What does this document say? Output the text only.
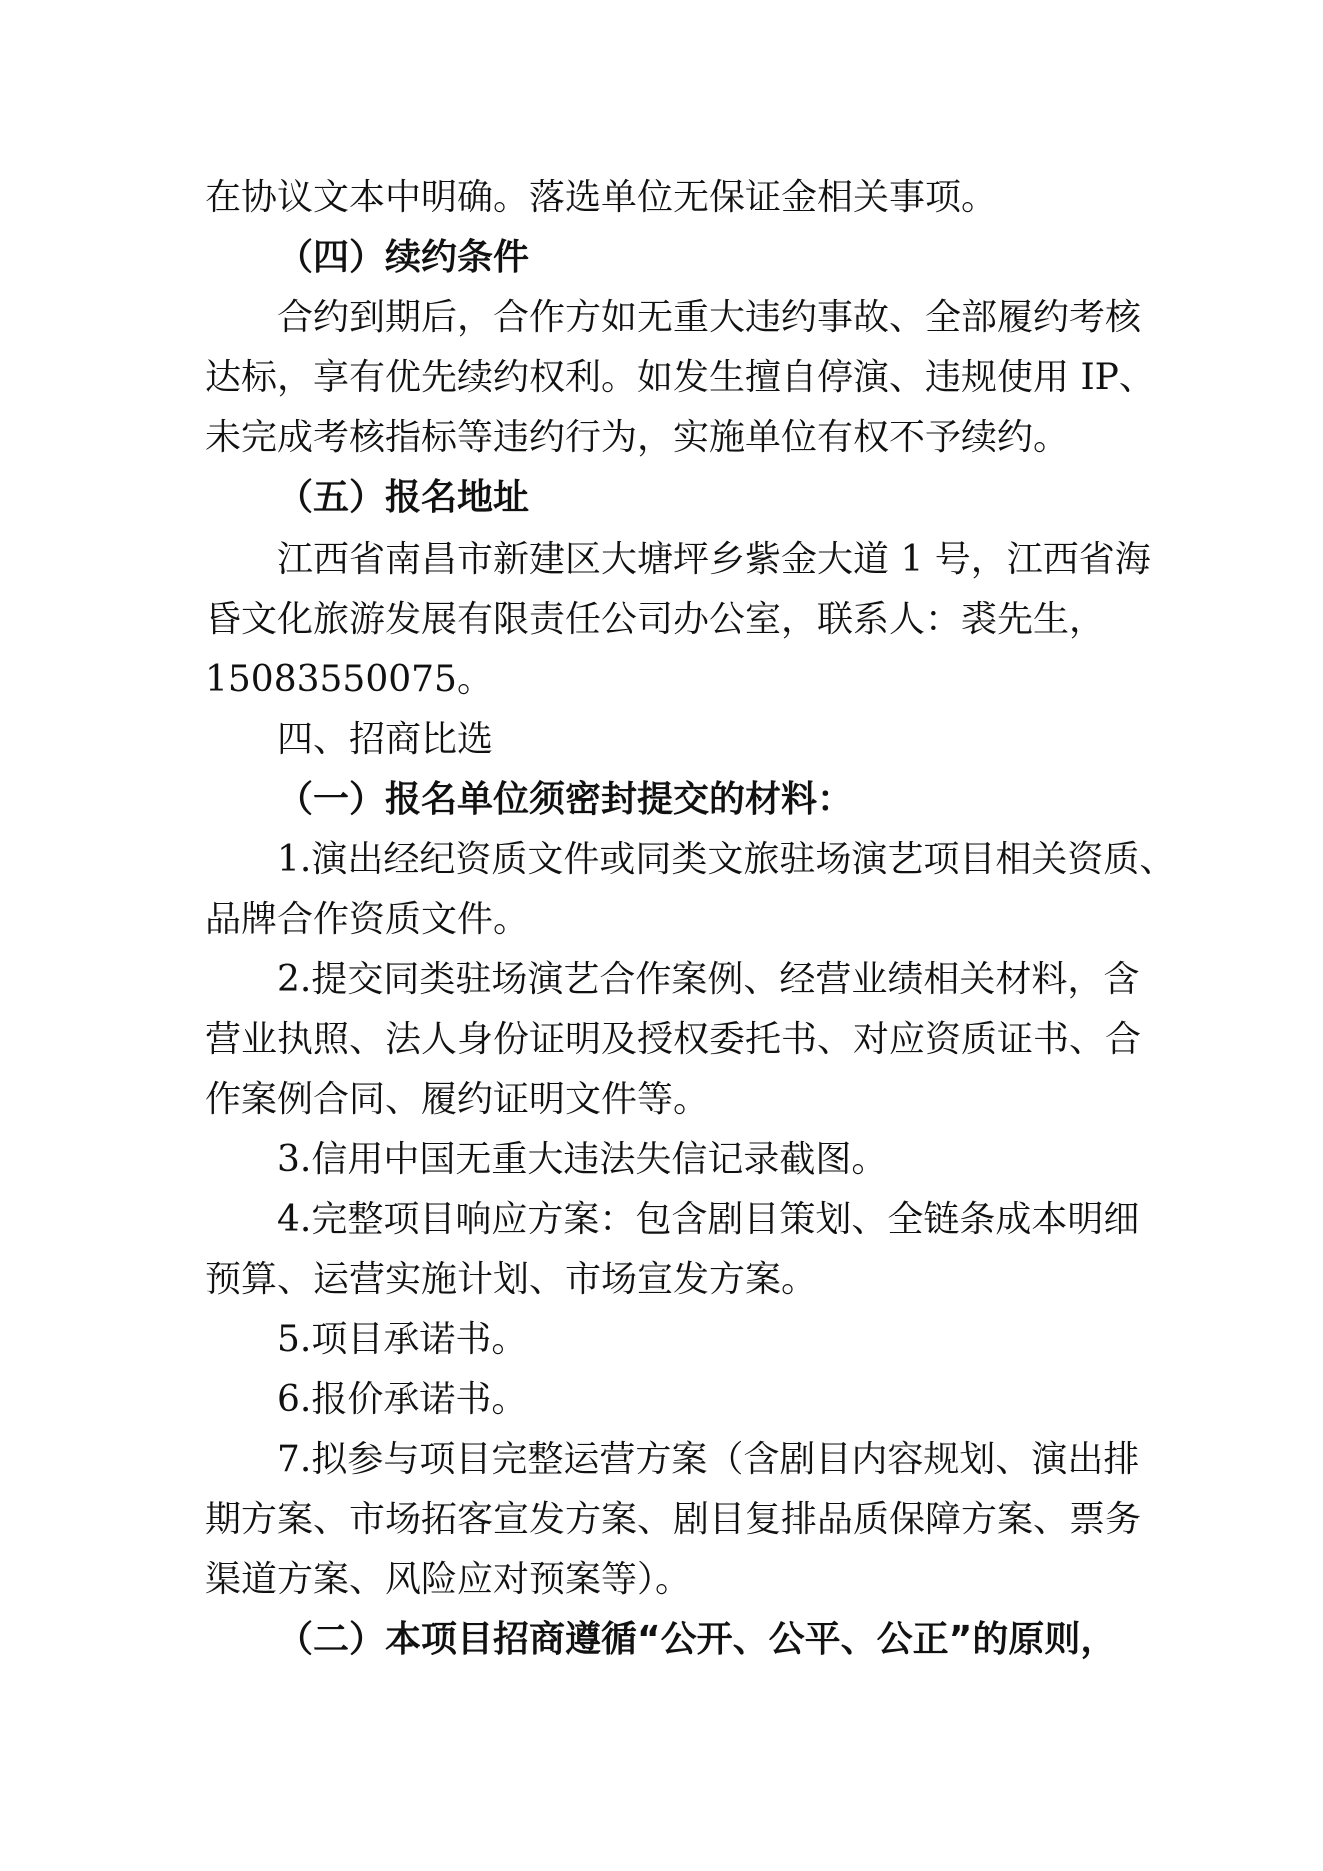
在协议文本中明确。落选单位无保证金相关事项。
（四）续约条件
合约到期后，合作方如无重大违约事故、全部履约考核
达标，享有优先续约权利。如发生擅自停演、违规使用 IP、
未完成考核指标等违约行为，实施单位有权不予续约。
（五）报名地址
江西省南昌市新建区大塘坪乡紫金大道 1 号，江西省海
昏文化旅游发展有限责任公司办公室，联系人：裘先生，
15083550075。
四、招商比选
（一）报名单位须密封提交的材料：
1.演出经纪资质文件或同类文旅驻场演艺项目相关资质、
品牌合作资质文件。
2.提交同类驻场演艺合作案例、经营业绩相关材料，含
营业执照、法人身份证明及授权委托书、对应资质证书、合
作案例合同、履约证明文件等。
3.信用中国无重大违法失信记录截图。
4.完整项目响应方案：包含剧目策划、全链条成本明细
预算、运营实施计划、市场宣发方案。
5.项目承诺书。
6.报价承诺书。
7.拟参与项目完整运营方案（含剧目内容规划、演出排
期方案、市场拓客宣发方案、剧目复排品质保障方案、票务
渠道方案、风险应对预案等）。
（二）本项目招商遵循“公开、公平、公正”的原则，
